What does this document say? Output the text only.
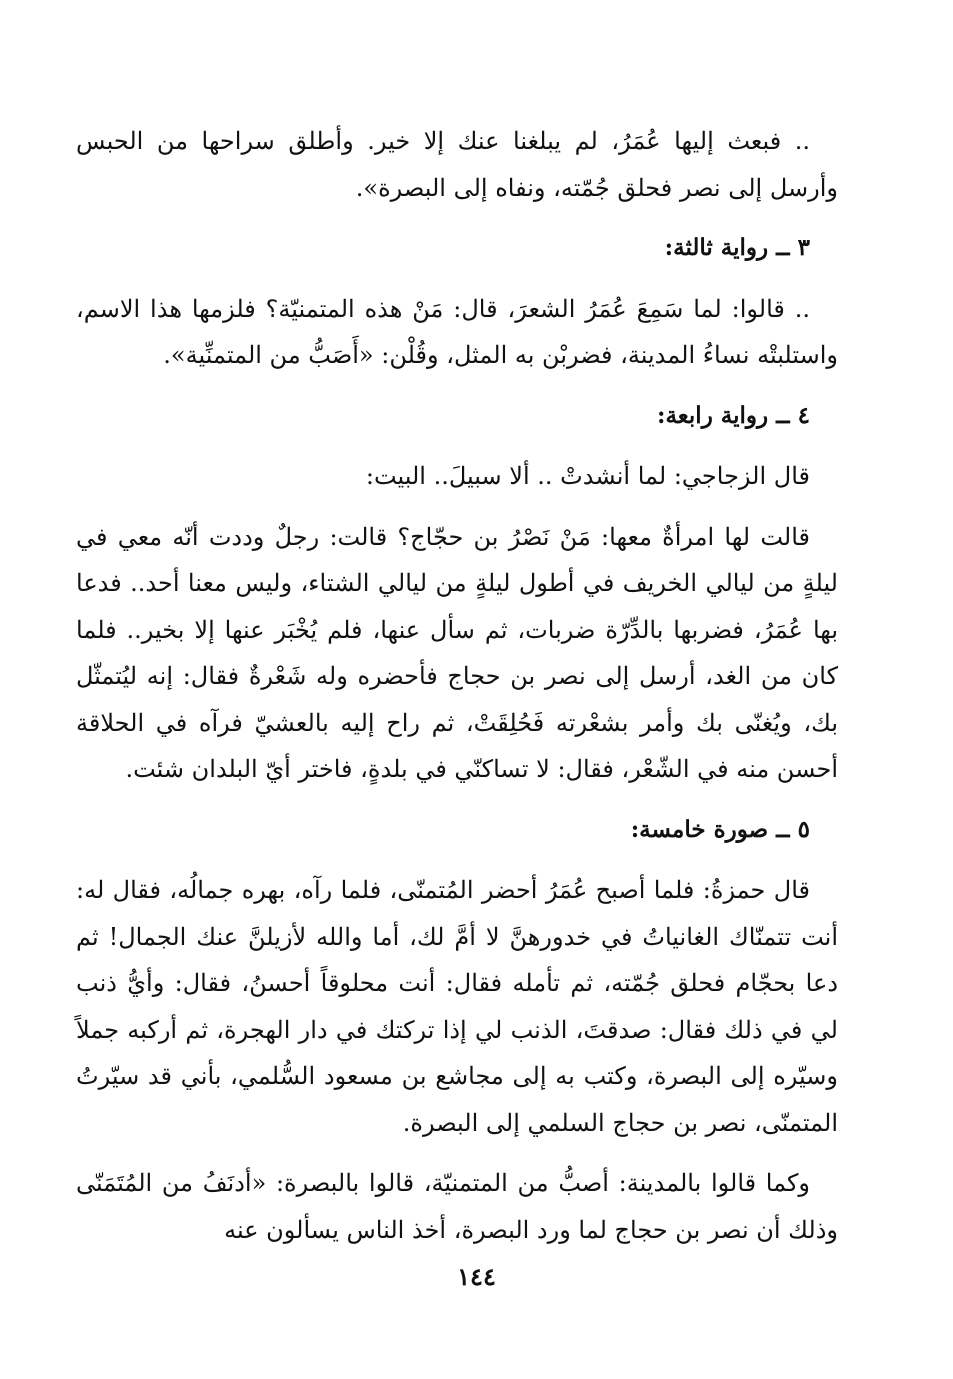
.. فبعث إليها عُمَرُ، لم يبلغنا عنك إلا خير. وأطلق سراحها من الحبس وأرسل إلى نصر فحلق جُمّته، ونفاه إلى البصرة».

٣ ــ رواية ثالثة:

.. قالوا: لما سَمِعَ عُمَرُ الشعرَ، قال: مَنْ هذه المتمنيّة؟ فلزمها هذا الاسم، واستلبتْه نساءُ المدينة، فضربْن به المثل، وقُلْن: «أَصَبُّ من المتمنِّية».

٤ ــ رواية رابعة:

قال الزجاجي: لما أنشدتْ .. ألا سبيلَ.. البيت:

قالت لها امرأةٌ معها: مَنْ نَصْرُ بن حجّاج؟ قالت: رجلٌ وددت أنّه معي في ليلةٍ من ليالي الخريف في أطول ليلةٍ من ليالي الشتاء، وليس معنا أحد.. فدعا بها عُمَرُ، فضربها بالدِّرّة ضربات، ثم سأل عنها، فلم يُخْبَر عنها إلا بخير.. فلما كان من الغد، أرسل إلى نصر بن حجاج فأحضره وله شَعْرةٌ فقال: إنه ليُتمثّل بك، ويُغنّى بك وأمر بشعْرته فَحُلِقَتْ، ثم راح إليه بالعشيّ فرآه في الحلاقة أحسن منه في الشّعْر، فقال: لا تساكنّي في بلدةٍ، فاختر أيّ البلدان شئت.

٥ ــ صورة خامسة:

قال حمزةُ: فلما أصبح عُمَرُ أحضر المُتمنّى، فلما رآه، بهره جمالُه، فقال له: أنت تتمنّاك الغانياتُ في خدورهنَّ لا أمَّ لك، أما والله لأزيلنَّ عنك الجمال! ثم دعا بحجّام فحلق جُمّته، ثم تأمله فقال: أنت محلوقاً أحسنُ، فقال: وأيُّ ذنب لي في ذلك فقال: صدقتَ، الذنب لي إذا تركتك في دار الهجرة، ثم أركبه جملاً وسيّره إلى البصرة، وكتب به إلى مجاشع بن مسعود السُّلمي، بأني قد سيّرتُ المتمنّى، نصر بن حجاج السلمي إلى البصرة.

وكما قالوا بالمدينة: أصبُّ من المتمنيّة، قالوا بالبصرة: «أدنَفُ من المُتَمَنّى وذلك أن نصر بن حجاج لما ورد البصرة، أخذ الناس يسألون عنه

١٤٤
